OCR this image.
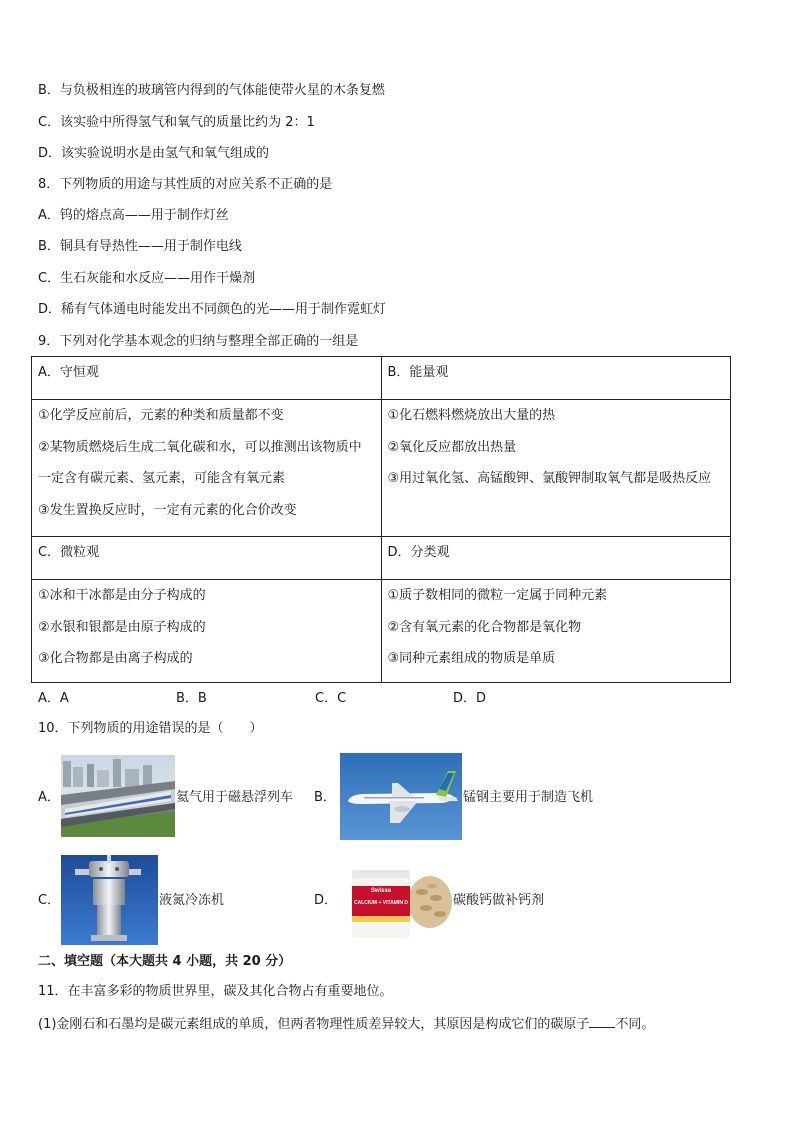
B．与负极相连的玻璃管内得到的气体能使带火星的木条复燃
C．该实验中所得氢气和氧气的质量比约为 2：1
D．该实验说明水是由氢气和氧气组成的
8．下列物质的用途与其性质的对应关系不正确的是
A．钨的熔点高——用于制作灯丝
B．铜具有导热性——用于制作电线
C．生石灰能和水反应——用作干燥剂
D．稀有气体通电时能发出不同颜色的光——用于制作霓虹灯
9．下列对化学基本观念的归纳与整理全部正确的一组是
A．守恒观	B．能量观

①化学反应前后，元素的种类和质量都不变
②某物质燃烧后生成二氧化碳和水，可以推测出该物质中一定含有碳元素、氢元素，可能含有氧元素
③发生置换反应时，一定有元素的化合价改变	①化石燃料燃烧放出大量的热
②氧化反应都放出热量
③用过氧化氢、高锰酸钾、氯酸钾制取氧气都是吸热反应

C．微粒观	D．分类观

①冰和干冰都是由分子构成的
②水银和银都是由原子构成的
③化合物都是由离子构成的	①质子数相同的微粒一定属于同种元素
②含有氧元素的化合物都是氧化物
③同种元素组成的物质是单质
A．A	B．B	C．C	D．D
10．下列物质的用途错误的是（　　）
A．	氦气用于磁悬浮列车 B．	锰钢主要用于制造飞机
C．	液氮冷冻机	D．
Swisse
CALCIUM + VITAMIN D	碳酸钙做补钙剂
二、填空题（本大题共 4 小题，共 20 分）
11．在丰富多彩的物质世界里，碳及其化合物占有重要地位。
(1)金刚石和石墨均是碳元素组成的单质，但两者物理性质差异较大，其原因是构成它们的碳原子 不同。
